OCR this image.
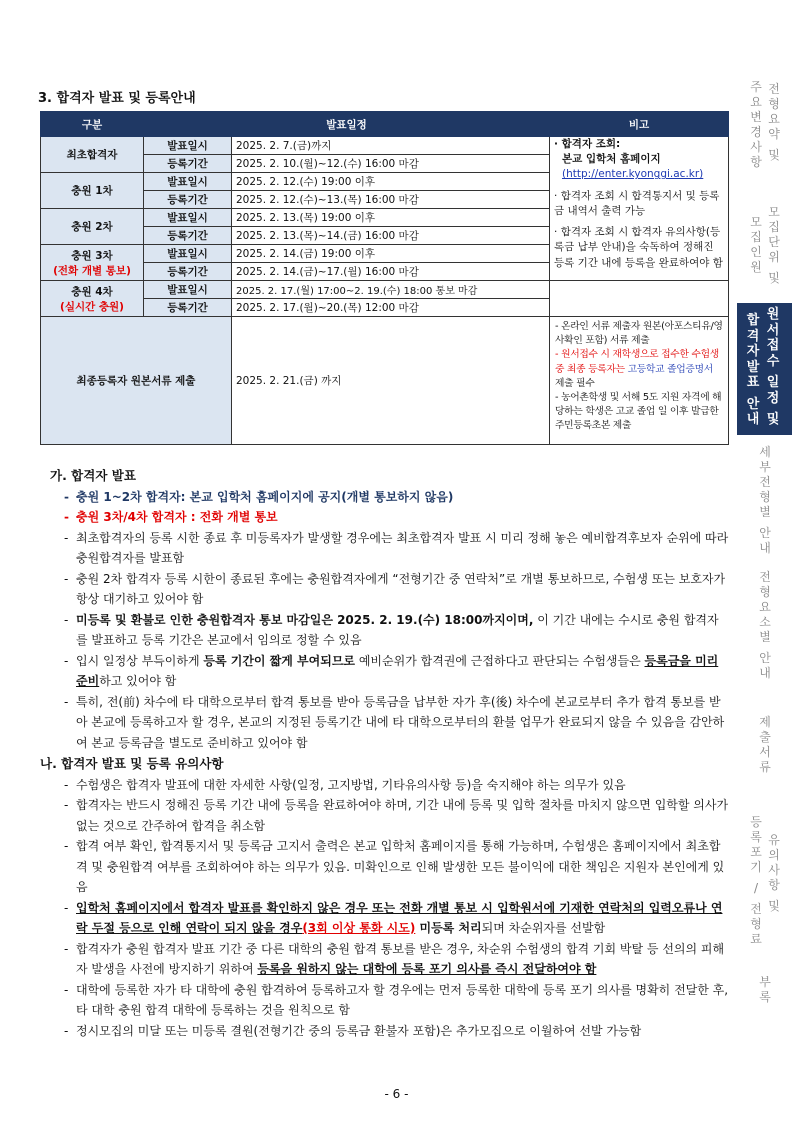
3. 합격자 발표 및 등록안내
구분	발표일정		비고
최초합격자	발표일시	2025. 2. 7.(금)까지	· 합격자 조회:
본교 입학처 홈페이지
(http://enter.kyonggi.ac.kr)
· 합격자 조회 시 합격통지서 및 등록금 내역서 출력 가능
· 합격자 조회 시 합격자 유의사항(등록금 납부 안내)을 숙독하여 정해진 등록 기간 내에 등록을 완료하여야 함

	등록기간	2025. 2. 10.(월)~12.(수) 16:00 마감	
충원 1차	발표일시	2025. 2. 12.(수) 19:00 이후	
	등록기간	2025. 2. 12.(수)~13.(목) 16:00 마감	
충원 2차	발표일시	2025. 2. 13.(목) 19:00 이후	
	등록기간	2025. 2. 13.(목)~14.(금) 16:00 마감	

충원 3차
(전화 개별 통보)	발표일시	2025. 2. 14.(금) 19:00 이후	
	등록기간	2025. 2. 14.(금)~17.(월) 16:00 마감	

충원 4차
(실시간 충원)	발표일시	2025. 2. 17.(월) 17:00~2. 19.(수) 18:00 통보 마감	
	등록기간	2025. 2. 17.(월)~20.(목) 12:00 마감	
최종등록자 원본서류 제출		2025. 2. 21.(금) 까지	- 온라인 서류 제출자 원본(아포스티유/영사확인 포함) 서류 제출
- 원서접수 시 재학생으로 접수한 수험생 중 최종 등록자는 고등학교 졸업증명서 제출 필수
- 농어촌학생 및 서해 5도 지원 자격에 해당하는 학생은 고교 졸업 일 이후 발급한 주민등록초본 제출
가. 합격자 발표
- 충원 1~2차 합격자: 본교 입학처 홈페이지에 공지(개별 통보하지 않음)
- 충원 3차/4차 합격자 : 전화 개별 통보
- 최초합격자의 등록 시한 종료 후 미등록자가 발생할 경우에는 최초합격자 발표 시 미리 정해 놓은 예비합격후보자 순위에 따라 충원합격자를 발표함
- 충원 2차 합격자 등록 시한이 종료된 후에는 충원합격자에게 “전형기간 중 연락처”로 개별 통보하므로, 수험생 또는 보호자가 항상 대기하고 있어야 함
- 미등록 및 환불로 인한 충원합격자 통보 마감일은 2025. 2. 19.(수) 18:00까지이며, 이 기간 내에는 수시로 충원 합격자를 발표하고 등록 기간은 본교에서 임의로 정할 수 있음
- 입시 일정상 부득이하게 등록 기간이 짧게 부여되므로 예비순위가 합격권에 근접하다고 판단되는 수험생들은 등록금을 미리 준비하고 있어야 함
- 특히, 전(前) 차수에 타 대학으로부터 합격 통보를 받아 등록금을 납부한 자가 후(後) 차수에 본교로부터 추가 합격 통보를 받아 본교에 등록하고자 할 경우, 본교의 지정된 등록기간 내에 타 대학으로부터의 환불 업무가 완료되지 않을 수 있음을 감안하여 본교 등록금을 별도로 준비하고 있어야 함
나. 합격자 발표 및 등록 유의사항
- 수험생은 합격자 발표에 대한 자세한 사항(일정, 고지방법, 기타유의사항 등)을 숙지해야 하는 의무가 있음
- 합격자는 반드시 정해진 등록 기간 내에 등록을 완료하여야 하며, 기간 내에 등록 및 입학 절차를 마치지 않으면 입학할 의사가 없는 것으로 간주하여 합격을 취소함
- 합격 여부 확인, 합격통지서 및 등록금 고지서 출력은 본교 입학처 홈페이지를 통해 가능하며, 수험생은 홈페이지에서 최초합격 및 충원합격 여부를 조회하여야 하는 의무가 있음. 미확인으로 인해 발생한 모든 불이익에 대한 책임은 지원자 본인에게 있음
- 입학처 홈페이지에서 합격자 발표를 확인하지 않은 경우 또는 전화 개별 통보 시 입학원서에 기재한 연락처의 입력오류나 연락 두절 등으로 인해 연락이 되지 않을 경우(3회 이상 통화 시도) 미등록 처리되며 차순위자를 선발함
- 합격자가 충원 합격자 발표 기간 중 다른 대학의 충원 합격 통보를 받은 경우, 차순위 수험생의 합격 기회 박탈 등 선의의 피해자 발생을 사전에 방지하기 위하여 등록을 원하지 않는 대학에 등록 포기 의사를 즉시 전달하여야 함
- 대학에 등록한 자가 타 대학에 충원 합격하여 등록하고자 할 경우에는 먼저 등록한 대학에 등록 포기 의사를 명확히 전달한 후, 타 대학 충원 합격 대학에 등록하는 것을 원칙으로 함
- 정시모집의 미달 또는 미등록 결원(전형기간 중의 등록금 환불자 포함)은 추가모집으로 이월하여 선발 가능함
주
요
변
경
사
항
전
형
요
약

및
모
집
인
원
모
집
단
위

및
합
격
자
발
표

안
내
원
서
접
수

일
정

및
세
부
전
형
별

안
내
전
형
요
소
별

안
내
제
출
서
류
등
록
포
기

/

전
형
료
유
의
사
항

및
부
록
- 6 -
